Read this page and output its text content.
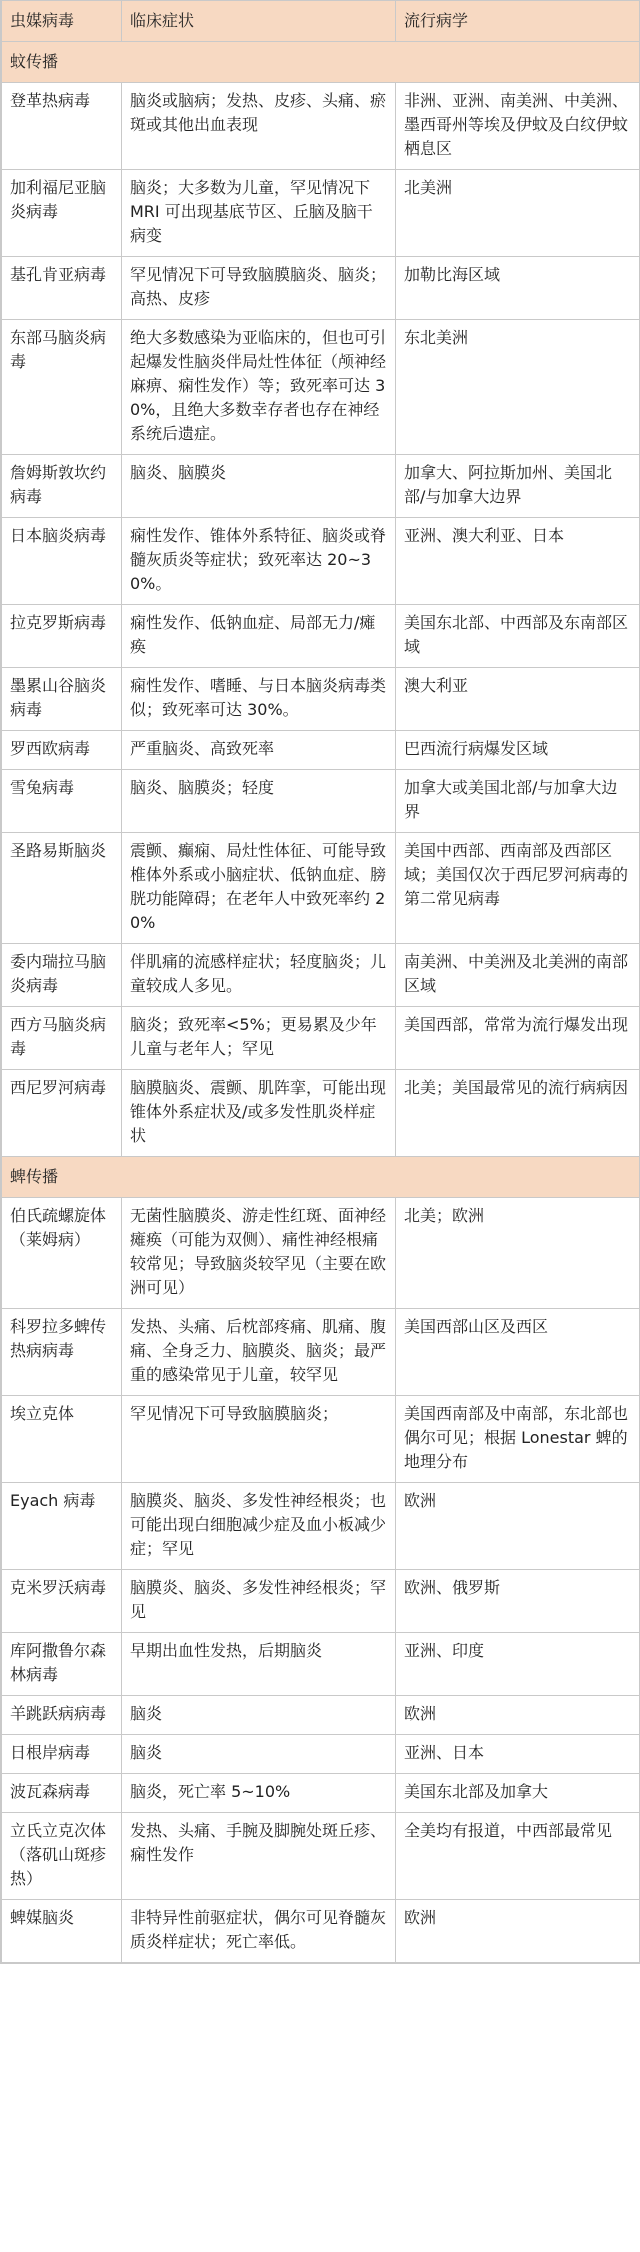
虫媒病毒	临床症状	流行病学
蚊传播		
登革热病毒	脑炎或脑病；发热、皮疹、头痛、瘀斑或其他出血表现	非洲、亚洲、南美洲、中美洲、墨西哥州等埃及伊蚊及白纹伊蚊栖息区
加利福尼亚脑炎病毒	脑炎；大多数为儿童，罕见情况下 MRI 可出现基底节区、丘脑及脑干病变	北美洲
基孔肯亚病毒	罕见情况下可导致脑膜脑炎、脑炎；高热、皮疹	加勒比海区域
东部马脑炎病毒	绝大多数感染为亚临床的，但也可引起爆发性脑炎伴局灶性体征（颅神经麻痹、痫性发作）等；致死率可达 30%，且绝大多数幸存者也存在神经系统后遗症。	东北美洲
詹姆斯敦坎约病毒	脑炎、脑膜炎	加拿大、阿拉斯加州、美国北部/与加拿大边界
日本脑炎病毒	痫性发作、锥体外系特征、脑炎或脊髓灰质炎等症状；致死率达 20~30%。	亚洲、澳大利亚、日本
拉克罗斯病毒	痫性发作、低钠血症、局部无力/瘫痪	美国东北部、中西部及东南部区域
墨累山谷脑炎病毒	痫性发作、嗜睡、与日本脑炎病毒类似；致死率可达 30%。	澳大利亚
罗西欧病毒	严重脑炎、高致死率	巴西流行病爆发区域
雪兔病毒	脑炎、脑膜炎；轻度	加拿大或美国北部/与加拿大边界
圣路易斯脑炎	震颤、癫痫、局灶性体征、可能导致椎体外系或小脑症状、低钠血症、膀胱功能障碍；在老年人中致死率约 20%	美国中西部、西南部及西部区域；美国仅次于西尼罗河病毒的第二常见病毒
委内瑞拉马脑炎病毒	伴肌痛的流感样症状；轻度脑炎；儿童较成人多见。	南美洲、中美洲及北美洲的南部区域
西方马脑炎病毒	脑炎；致死率<5%；更易累及少年儿童与老年人；罕见	美国西部，常常为流行爆发出现
西尼罗河病毒	脑膜脑炎、震颤、肌阵挛，可能出现锥体外系症状及/或多发性肌炎样症状	北美；美国最常见的流行病病因
蜱传播		
伯氏疏螺旋体（莱姆病）	无菌性脑膜炎、游走性红斑、面神经瘫痪（可能为双侧）、痛性神经根痛较常见；导致脑炎较罕见（主要在欧洲可见）	北美；欧洲
科罗拉多蜱传热病病毒	发热、头痛、后枕部疼痛、肌痛、腹痛、全身乏力、脑膜炎、脑炎；最严重的感染常见于儿童，较罕见	美国西部山区及西区
埃立克体	罕见情况下可导致脑膜脑炎；	美国西南部及中南部，东北部也偶尔可见；根据 Lonestar 蜱的地理分布
Eyach 病毒	脑膜炎、脑炎、多发性神经根炎；也可能出现白细胞减少症及血小板减少症；罕见	欧洲
克米罗沃病毒	脑膜炎、脑炎、多发性神经根炎；罕见	欧洲、俄罗斯
库阿撒鲁尔森林病毒	早期出血性发热，后期脑炎	亚洲、印度
羊跳跃病病毒	脑炎	欧洲
日根岸病毒	脑炎	亚洲、日本
波瓦森病毒	脑炎，死亡率 5~10%	美国东北部及加拿大
立氏立克次体（落矶山斑疹热）	发热、头痛、手腕及脚腕处斑丘疹、痫性发作	全美均有报道，中西部最常见
蜱媒脑炎	非特异性前驱症状，偶尔可见脊髓灰质炎样症状；死亡率低。	欧洲
